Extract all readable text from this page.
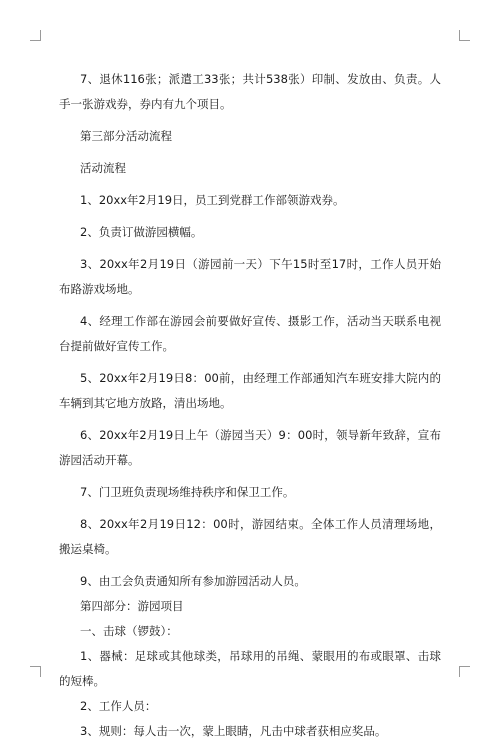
7、退休116张；派遣工33张；共计538张）印制、发放由、负责。人手一张游戏券，券内有九个项目。

第三部分活动流程

活动流程

1、20xx年2月19日，员工到党群工作部领游戏券。

2、负责订做游园横幅。

3、20xx年2月19日（游园前一天）下午15时至17时，工作人员开始布路游戏场地。

4、经理工作部在游园会前要做好宣传、摄影工作，活动当天联系电视台提前做好宣传工作。

5、20xx年2月19日8：00前，由经理工作部通知汽车班安排大院内的车辆到其它地方放路，清出场地。

6、20xx年2月19日上午（游园当天）9：00时，领导新年致辞，宣布游园活动开幕。

7、门卫班负责现场维持秩序和保卫工作。

8、20xx年2月19日12：00时，游园结束。全体工作人员清理场地，搬运桌椅。

9、由工会负责通知所有参加游园活动人员。

第四部分：游园项目

一、击球（锣鼓）：

1、器械：足球或其他球类，吊球用的吊绳、蒙眼用的布或眼罩、击球的短棒。

2、工作人员：

3、规则：每人击一次，蒙上眼睛，凡击中球者获相应奖品。
